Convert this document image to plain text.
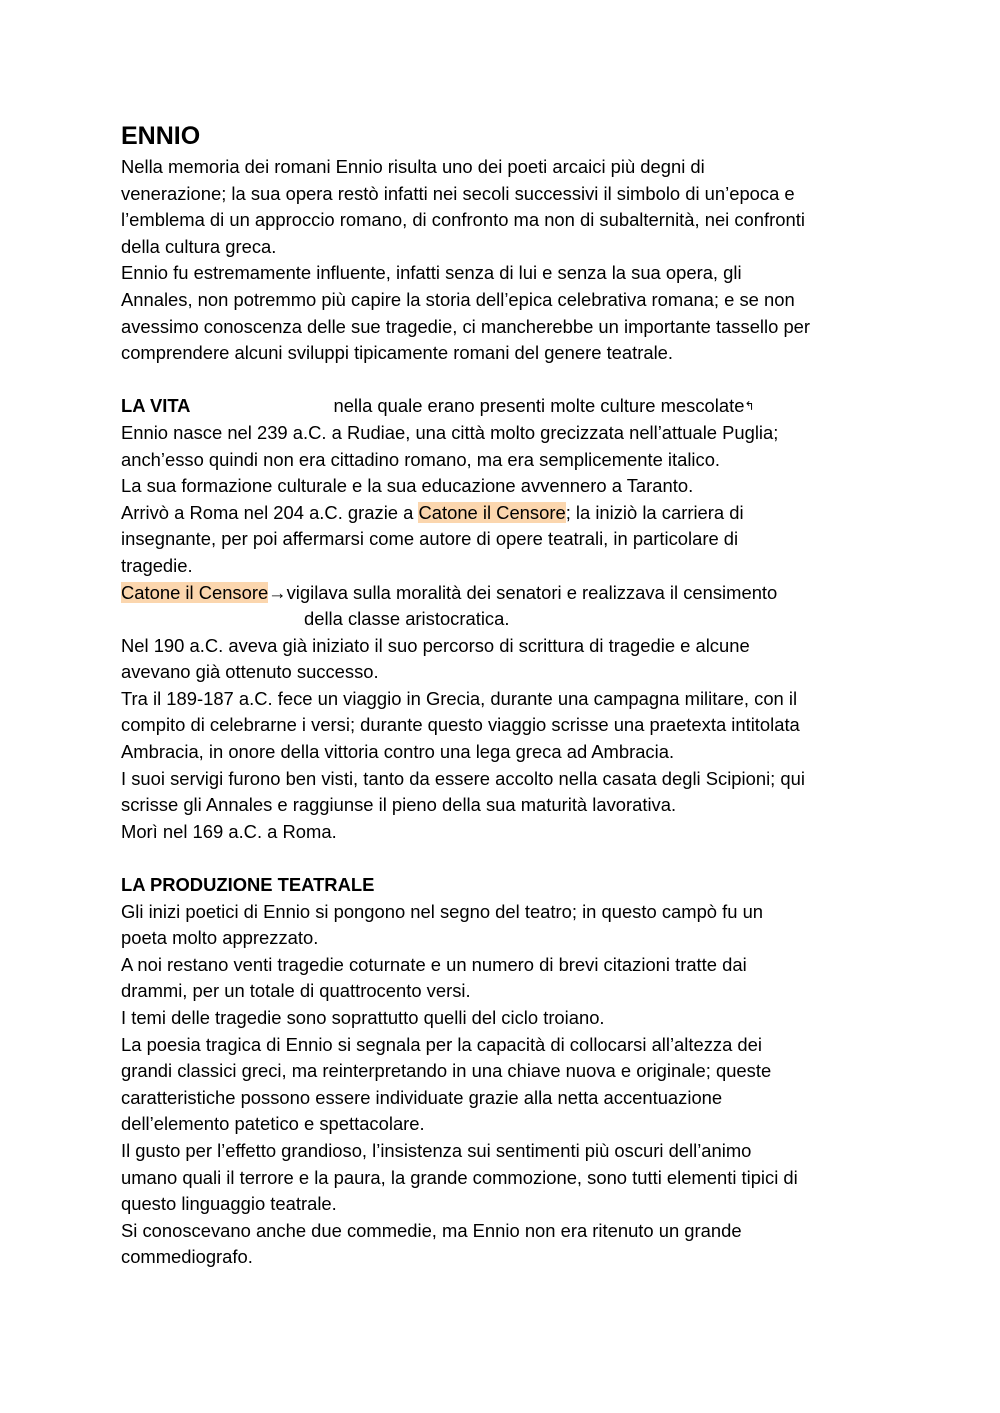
ENNIO
Nella memoria dei romani Ennio risulta uno dei poeti arcaici più degni di
venerazione; la sua opera restò infatti nei secoli successivi il simbolo di un’epoca e
l’emblema di un approccio romano, di confronto ma non di subalternità, nei confronti
della cultura greca.
Ennio fu estremamente influente, infatti senza di lui e senza la sua opera, gli
Annales, non potremmo più capire la storia dell’epica celebrativa romana; e se non
avessimo conoscenza delle sue tragedie, ci mancherebbe un importante tassello per
comprendere alcuni sviluppi tipicamente romani del genere teatrale.
LA VITA	nella quale erano presenti molte culture mescolate↰
Ennio nasce nel 239 a.C. a Rudiae, una città molto grecizzata nell’attuale Puglia;
anch’esso quindi non era cittadino romano, ma era semplicemente italico.
La sua formazione culturale e la sua educazione avvennero a Taranto.
Arrivò a Roma nel 204 a.C. grazie a Catone il Censore; la iniziò la carriera di
insegnante, per poi affermarsi come autore di opere teatrali, in particolare di
tragedie.
Catone il Censore→vigilava sulla moralità dei senatori e realizzava il censimento
della classe aristocratica.
Nel 190 a.C. aveva già iniziato il suo percorso di scrittura di tragedie e alcune
avevano già ottenuto successo.
Tra il 189-187 a.C. fece un viaggio in Grecia, durante una campagna militare, con il
compito di celebrarne i versi; durante questo viaggio scrisse una praetexta intitolata
Ambracia, in onore della vittoria contro una lega greca ad Ambracia.
I suoi servigi furono ben visti, tanto da essere accolto nella casata degli Scipioni; qui
scrisse gli Annales e raggiunse il pieno della sua maturità lavorativa.
Morì nel 169 a.C. a Roma.
LA PRODUZIONE TEATRALE
Gli inizi poetici di Ennio si pongono nel segno del teatro; in questo campò fu un
poeta molto apprezzato.
A noi restano venti tragedie coturnate e un numero di brevi citazioni tratte dai
drammi, per un totale di quattrocento versi.
I temi delle tragedie sono soprattutto quelli del ciclo troiano.
La poesia tragica di Ennio si segnala per la capacità di collocarsi all’altezza dei
grandi classici greci, ma reinterpretando in una chiave nuova e originale; queste
caratteristiche possono essere individuate grazie alla netta accentuazione
dell’elemento patetico e spettacolare.
Il gusto per l’effetto grandioso, l’insistenza sui sentimenti più oscuri dell’animo
umano quali il terrore e la paura, la grande commozione, sono tutti elementi tipici di
questo linguaggio teatrale.
Si conoscevano anche due commedie, ma Ennio non era ritenuto un grande
commediografo.
